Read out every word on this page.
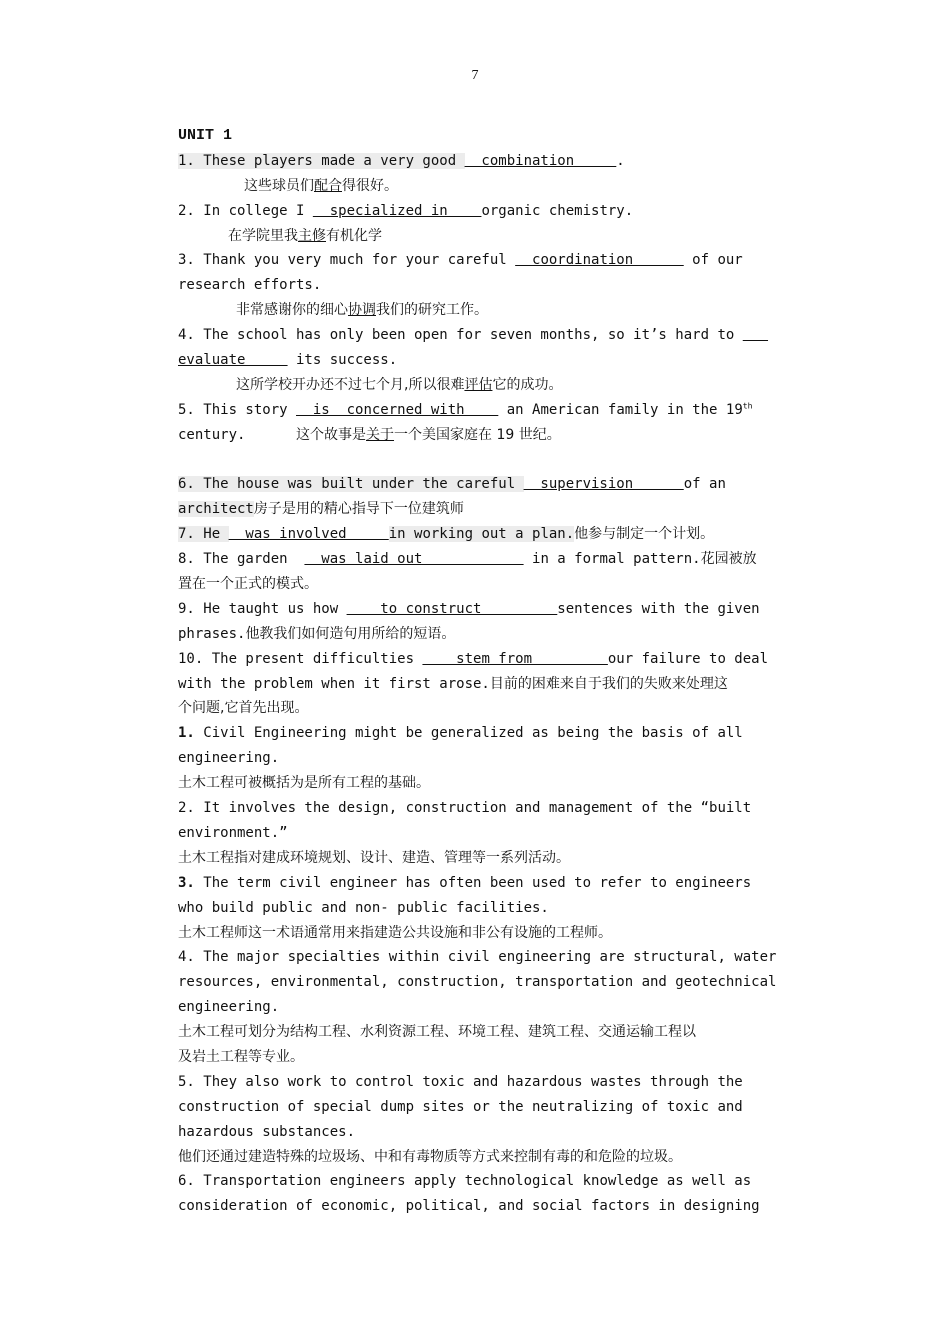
7
UNIT 1
1. These players made a very good   combination     .
这些球员们配合得很好。
2. In college I   specialized in    organic chemistry.
在学院里我主修有机化学
3. Thank you very much for your careful   coordination       of our
research efforts.
非常感谢你的细心协调我们的研究工作。
4. The school has only been open for seven months, so it’s hard to
evaluate      its success.
这所学校开办还不过七个月,所以很难评估它的成功。
5. This story   is  concerned with     an American family in the 19th
century.	这个故事是关于一个美国家庭在 19 世纪。
6. The house was built under the careful   supervision      of an
architect房子是用的精心指导下一位建筑师
7. He   was involved     in working out a plan.他参与制定一个计划。
8. The garden    was laid out             in a formal pattern.花园被放
置在一个正式的模式。
9. He taught us how     to construct         sentences with the given
phrases.他教我们如何造句用所给的短语。
10. The present difficulties     stem from         our failure to deal
with the problem when it first arose.目前的困难来自于我们的失败来处理这
个问题,它首先出现。
1. Civil Engineering might be generalized as being the basis of all
engineering.
土木工程可被概括为是所有工程的基础。
2. It involves the design, construction and management of the “built
environment.”
土木工程指对建成环境规划、设计、建造、管理等一系列活动。
3. The term civil engineer has often been used to refer to engineers
who build public and non- public facilities.
土木工程师这一术语通常用来指建造公共设施和非公有设施的工程师。
4. The major specialties within civil engineering are structural, water
resources, environmental, construction, transportation and geotechnical
engineering.
土木工程可划分为结构工程、水利资源工程、环境工程、建筑工程、交通运输工程以
及岩土工程等专业。
5. They also work to control toxic and hazardous wastes through the
construction of special dump sites or the neutralizing of toxic and
hazardous substances.
他们还通过建造特殊的垃圾场、中和有毒物质等方式来控制有毒的和危险的垃圾。
6. Transportation engineers apply technological knowledge as well as
consideration of economic, political, and social factors in designing
